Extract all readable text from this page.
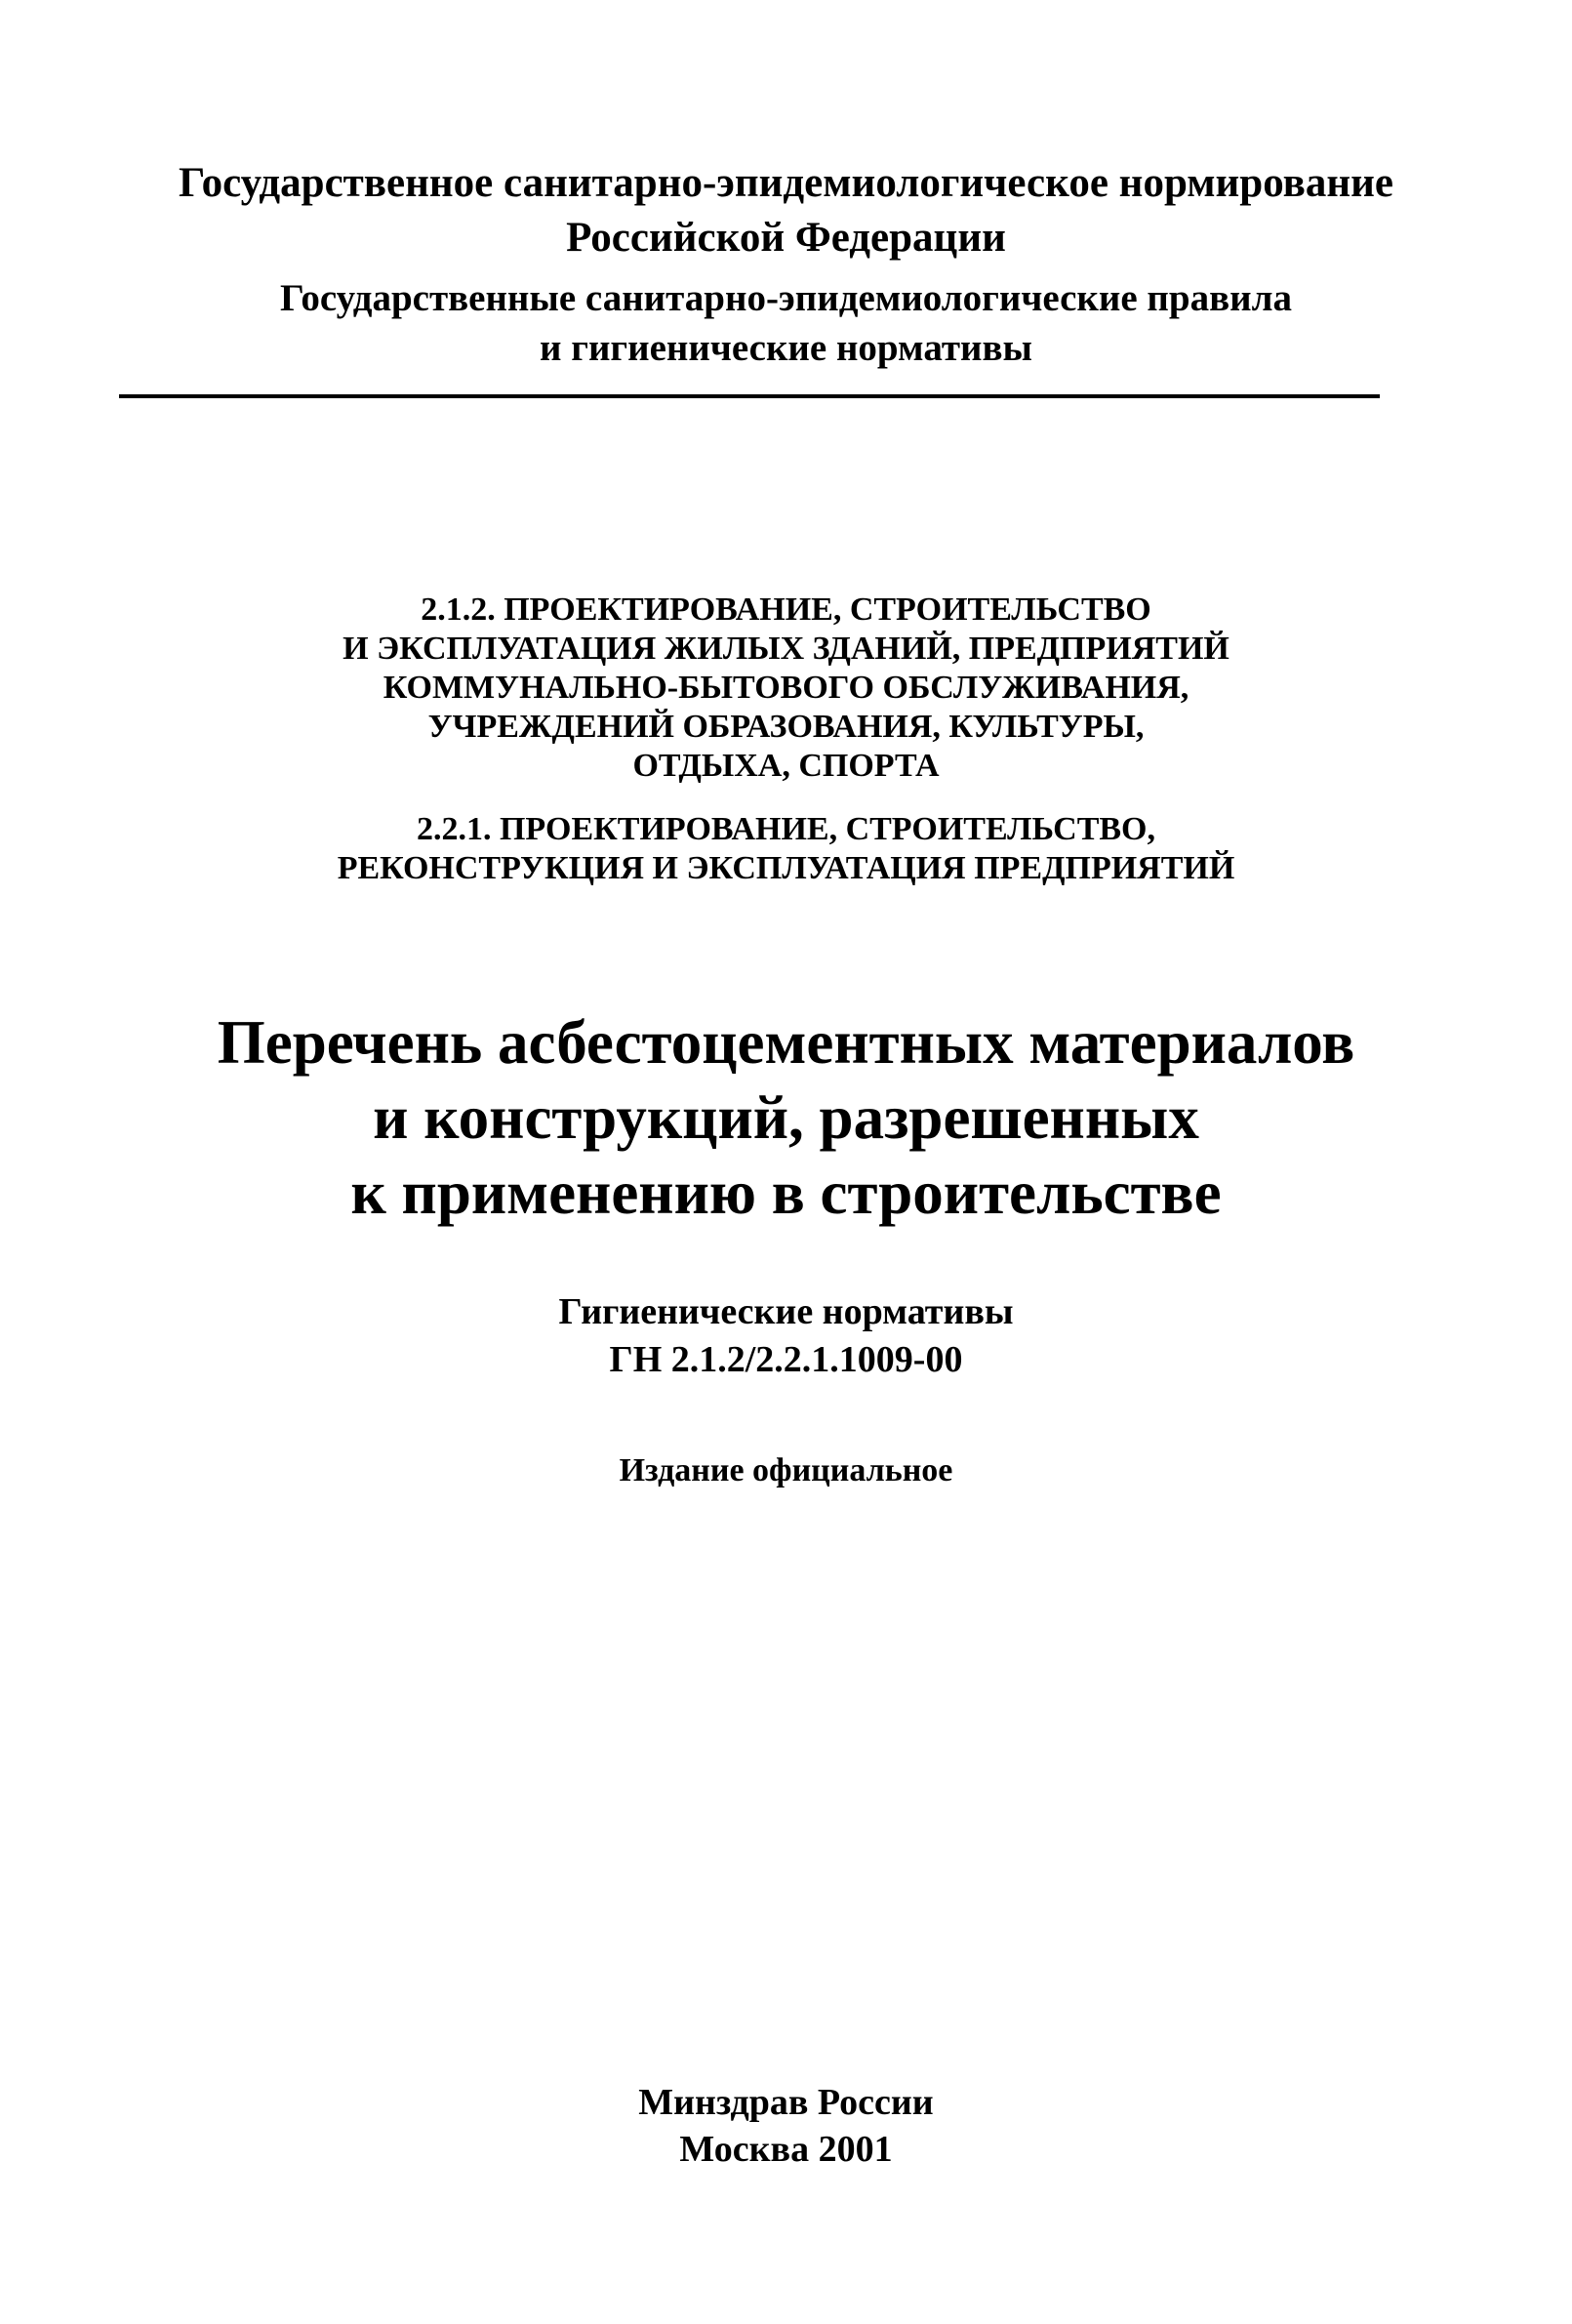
Государственное санитарно-эпидемиологическое нормирование
Российской Федерации
Государственные санитарно-эпидемиологические правила
и гигиенические нормативы
2.1.2. ПРОЕКТИРОВАНИЕ, СТРОИТЕЛЬСТВО
И ЭКСПЛУАТАЦИЯ ЖИЛЫХ ЗДАНИЙ, ПРЕДПРИЯТИЙ
КОММУНАЛЬНО-БЫТОВОГО ОБСЛУЖИВАНИЯ,
УЧРЕЖДЕНИЙ ОБРАЗОВАНИЯ, КУЛЬТУРЫ,
ОТДЫХА, СПОРТА
2.2.1. ПРОЕКТИРОВАНИЕ, СТРОИТЕЛЬСТВО,
РЕКОНСТРУКЦИЯ И ЭКСПЛУАТАЦИЯ ПРЕДПРИЯТИЙ
Перечень асбестоцементных материалов
и конструкций, разрешенных
к применению в строительстве
Гигиенические нормативы
ГН 2.1.2/2.2.1.1009-00
Издание официальное
Минздрав России
Москва 2001
